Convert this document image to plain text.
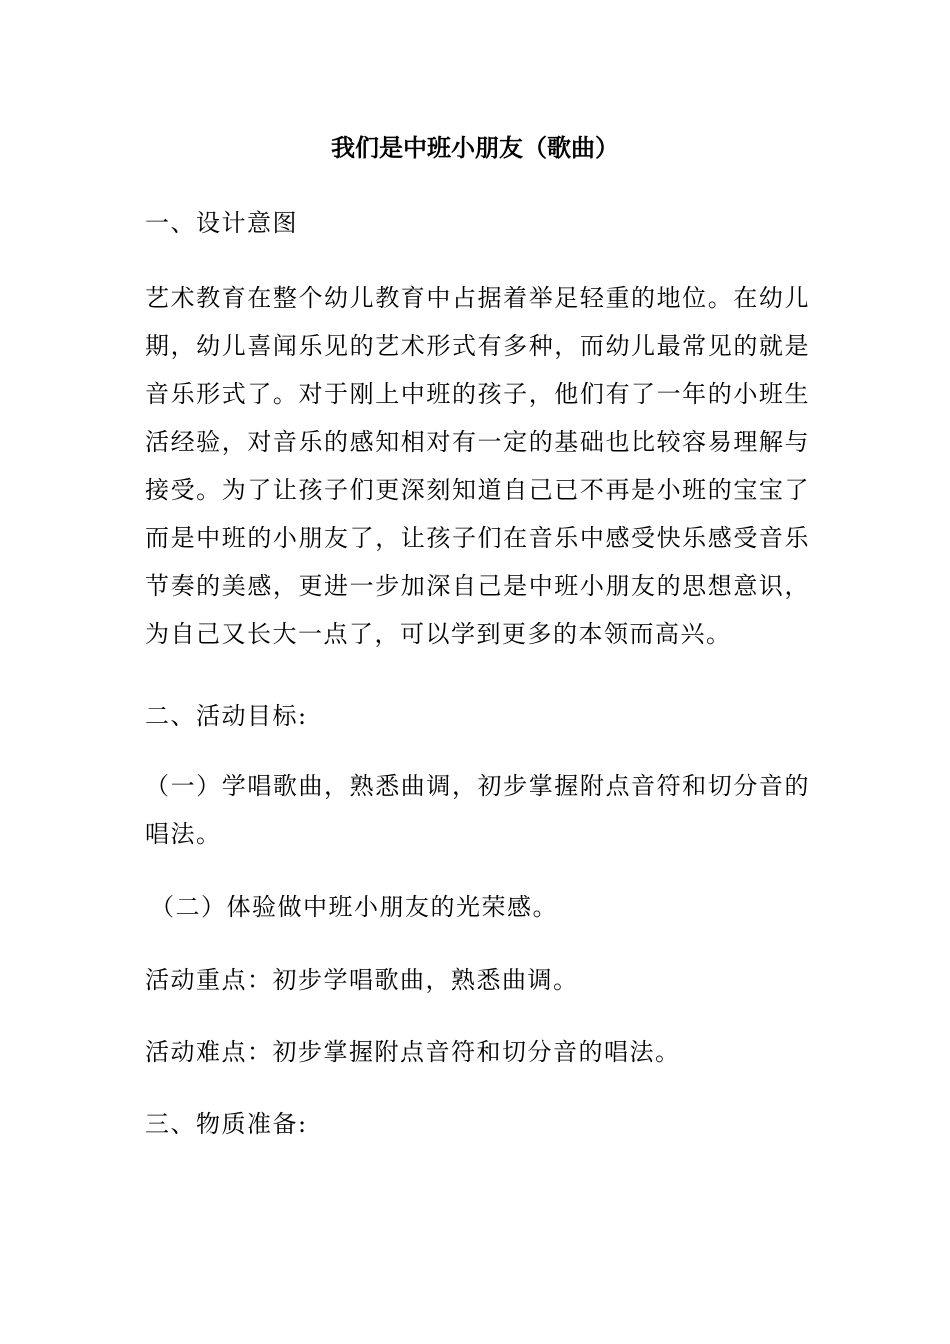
我们是中班小朋友（歌曲）
一、设计意图
艺术教育在整个幼儿教育中占据着举足轻重的地位。在幼儿期，幼儿喜闻乐见的艺术形式有多种，而幼儿最常见的就是音乐形式了。对于刚上中班的孩子，他们有了一年的小班生活经验，对音乐的感知相对有一定的基础也比较容易理解与接受。为了让孩子们更深刻知道自己已不再是小班的宝宝了而是中班的小朋友了，让孩子们在音乐中感受快乐感受音乐节奏的美感，更进一步加深自己是中班小朋友的思想意识，为自己又长大一点了，可以学到更多的本领而高兴。
二、活动目标:
（一）学唱歌曲，熟悉曲调，初步掌握附点音符和切分音的唱法。
（二）体验做中班小朋友的光荣感。
活动重点：初步学唱歌曲，熟悉曲调。
活动难点：初步掌握附点音符和切分音的唱法。
三、物质准备:
